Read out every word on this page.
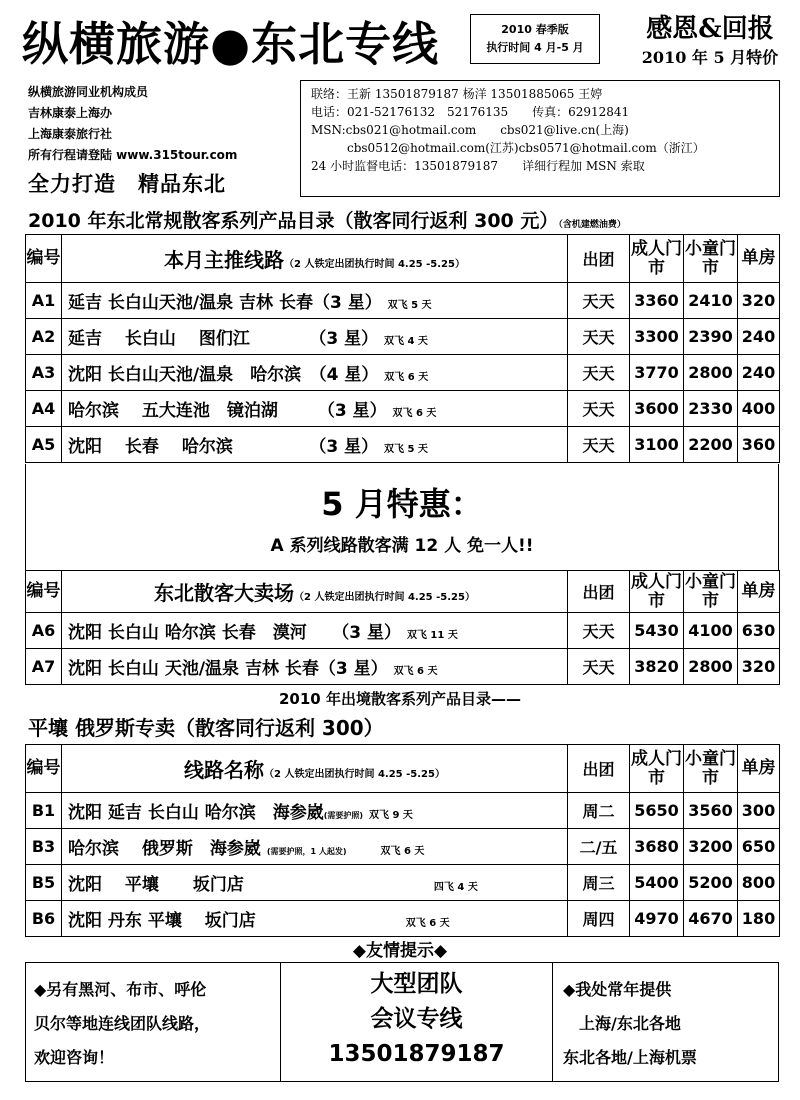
纵横旅游●东北专线	2010 春季版
执行时间 4 月-5 月
感恩&回报
2010 年 5 月特价
纵横旅游同业机构成员
吉林康泰上海办
上海康泰旅行社
所有行程请登陆 www.315tour.com
全力打造　精品东北
联络：王新 13501879187 杨洋 13501885065 王婷
电话：021-52176132　52176135　　传真：62912841
MSN:cbs021@hotmail.com　　cbs021@live.cn(上海)
　　　cbs0512@hotmail.com(江苏)cbs0571@hotmail.com（浙江）
24 小时监督电话：13501879187　　详细行程加 MSN 索取
2010 年东北常规散客系列产品目录（散客同行返利 300 元）（含机建燃油费）
编号	本月主推线路（2 人铁定出团执行时间 4.25 -5.25）	出团	成人门市	小童门市	单房
A1	延吉 长白山天池/温泉 吉林 长春（3 星） 双飞 5 天	天天	3360	2410	320
A2	延吉　 长白山　 图们江　　　　（3 星） 双飞 4 天	天天	3300	2390	240
A3	沈阳 长白山天池/温泉　哈尔滨　（4 星） 双飞 6 天	天天	3770	2800	240
A4	哈尔滨　 五大连池　镜泊湖　　 （3 星） 双飞 6 天	天天	3600	2330	400
A5	沈阳　 长春　 哈尔滨　　　　　（3 星） 双飞 5 天	天天	3100	2200	360
5 月特惠：
A 系列线路散客满 12 人 免一人!!
编号	东北散客大卖场（2 人铁定出团执行时间 4.25 -5.25）	出团	成人门市	小童门市	单房
A6	沈阳 长白山 哈尔滨 长春　漠河　　（3 星） 双飞 11 天	天天	5430	4100	630
A7	沈阳 长白山 天池/温泉 吉林 长春（3 星） 双飞 6 天	天天	3820	2800	320
2010 年出境散客系列产品目录——
平壤 俄罗斯专卖（散客同行返利 300）
编号	线路名称（2 人铁定出团执行时间 4.25 -5.25）	出团	成人门市	小童门市	单房
B1	沈阳 延吉 长白山 哈尔滨　海参崴(需要护照) 双飞 9 天	周二	5650	3560	300
B3	哈尔滨　 俄罗斯　海参崴 (需要护照，1 人起发)　　 双飞 6 天	二/五	3680	3200	650
B5	沈阳　 平壤　　坂门店 四飞 4 天	周三	5400	5200	800
B6	沈阳 丹东 平壤　 坂门店 双飞 6 天	周四	4970	4670	180
◆友情提示◆
◆另有黑河、布市、呼伦
贝尔等地连线团队线路，
欢迎咨询！
大型团队
会议专线
13501879187
◆我处常年提供
　上海/东北各地
东北各地/上海机票
